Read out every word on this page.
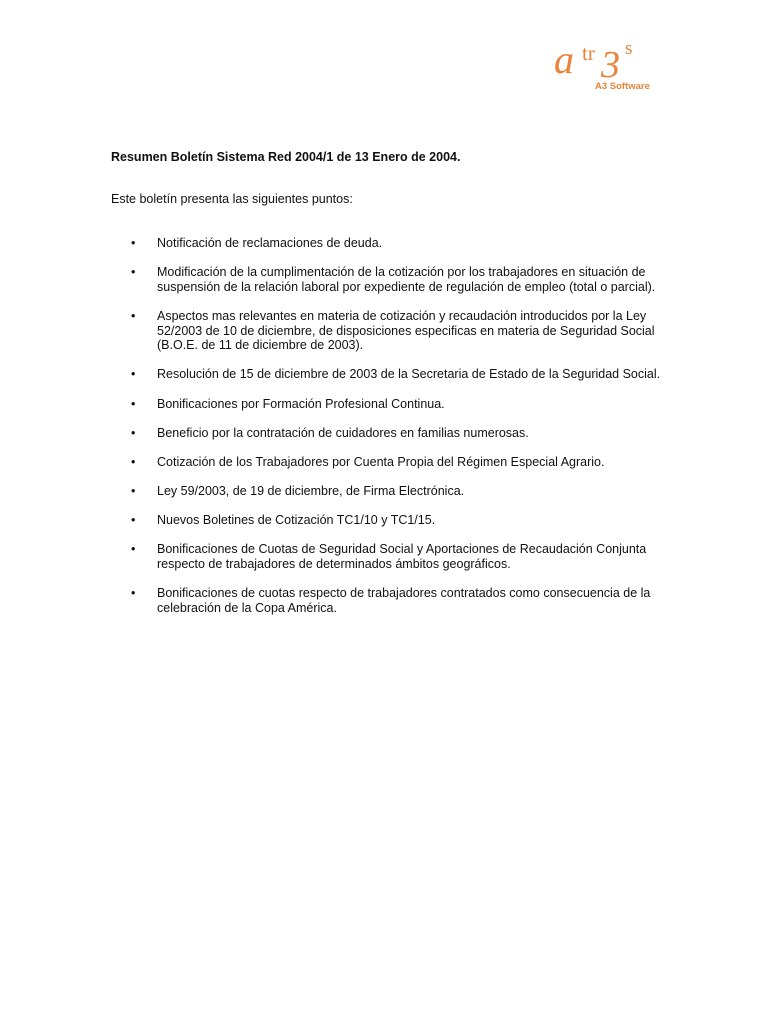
a tr 3 s
A3 Software

Resumen Boletín Sistema Red 2004/1 de 13 Enero de 2004.

Este boletín presenta las siguientes puntos:

• Notificación de reclamaciones de deuda.
• Modificación de la cumplimentación de la cotización por los trabajadores en situación de suspensión de la relación laboral por expediente de regulación de empleo (total o parcial).
• Aspectos mas relevantes en materia de cotización y recaudación introducidos por la Ley 52/2003 de 10 de diciembre, de disposiciones especificas en materia de Seguridad Social (B.O.E. de 11 de diciembre de 2003).
• Resolución de 15 de diciembre de 2003 de la Secretaria de Estado de la Seguridad Social.
• Bonificaciones por Formación Profesional Continua.
• Beneficio por la contratación de cuidadores en familias numerosas.
• Cotización de los Trabajadores por Cuenta Propia del Régimen Especial Agrario.
• Ley 59/2003, de 19 de diciembre, de Firma Electrónica.
• Nuevos Boletines de Cotización TC1/10 y TC1/15.
• Bonificaciones de Cuotas de Seguridad Social y Aportaciones de Recaudación Conjunta respecto de trabajadores de determinados ámbitos geográficos.
• Bonificaciones de cuotas respecto de trabajadores contratados como consecuencia de la celebración de la Copa América.
